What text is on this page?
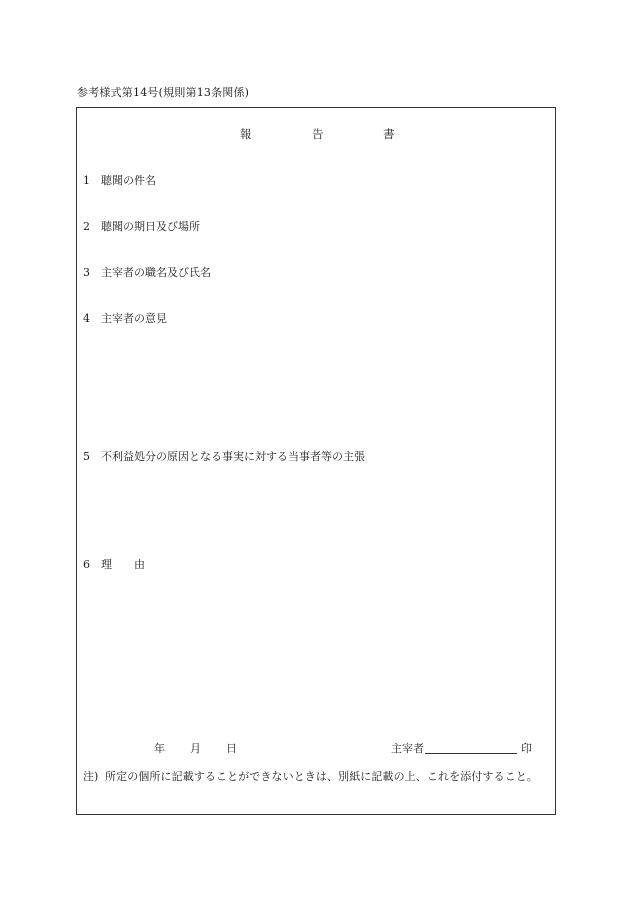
参考様式第14号(規則第13条関係)
報	告	書
1 聴聞の件名
2 聴聞の期日及び場所
3 主宰者の職名及び氏名
4 主宰者の意見
5 不利益処分の原因となる事実に対する当事者等の主張
6 理 由
年 月 日	主宰者	印
注) 所定の個所に記載することができないときは、別紙に記載の上、これを添付すること。
